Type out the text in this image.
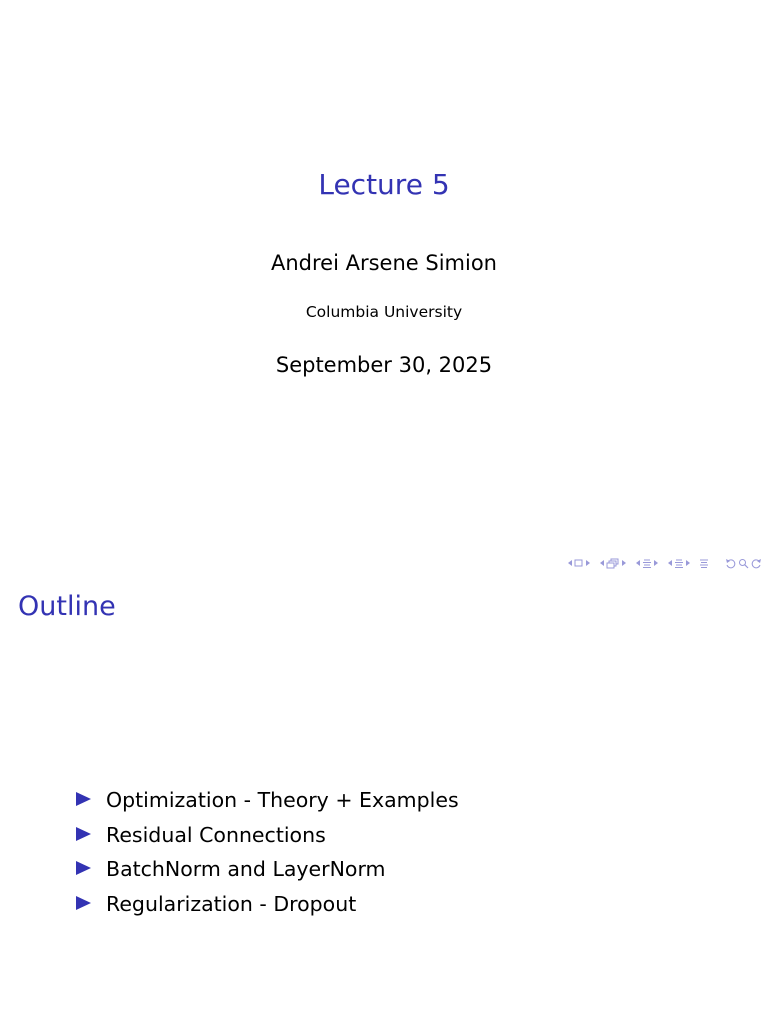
Lecture 5
Andrei Arsene Simion
Columbia University
September 30, 2025
Outline
Optimization - Theory + Examples
Residual Connections
BatchNorm and LayerNorm
Regularization - Dropout
